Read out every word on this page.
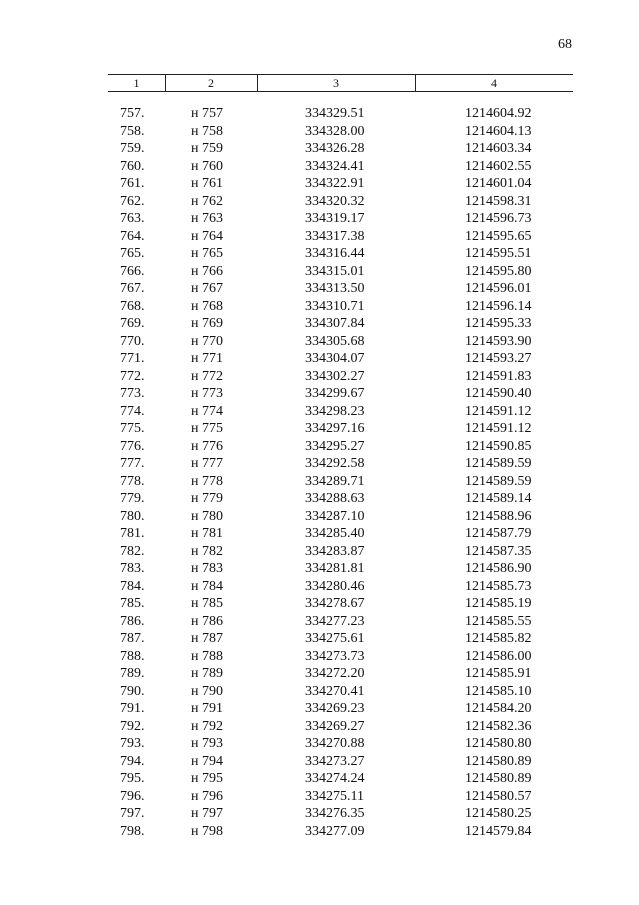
68
1	2	3	4
757.	н 757	334329.51	1214604.92
758.	н 758	334328.00	1214604.13
759.	н 759	334326.28	1214603.34
760.	н 760	334324.41	1214602.55
761.	н 761	334322.91	1214601.04
762.	н 762	334320.32	1214598.31
763.	н 763	334319.17	1214596.73
764.	н 764	334317.38	1214595.65
765.	н 765	334316.44	1214595.51
766.	н 766	334315.01	1214595.80
767.	н 767	334313.50	1214596.01
768.	н 768	334310.71	1214596.14
769.	н 769	334307.84	1214595.33
770.	н 770	334305.68	1214593.90
771.	н 771	334304.07	1214593.27
772.	н 772	334302.27	1214591.83
773.	н 773	334299.67	1214590.40
774.	н 774	334298.23	1214591.12
775.	н 775	334297.16	1214591.12
776.	н 776	334295.27	1214590.85
777.	н 777	334292.58	1214589.59
778.	н 778	334289.71	1214589.59
779.	н 779	334288.63	1214589.14
780.	н 780	334287.10	1214588.96
781.	н 781	334285.40	1214587.79
782.	н 782	334283.87	1214587.35
783.	н 783	334281.81	1214586.90
784.	н 784	334280.46	1214585.73
785.	н 785	334278.67	1214585.19
786.	н 786	334277.23	1214585.55
787.	н 787	334275.61	1214585.82
788.	н 788	334273.73	1214586.00
789.	н 789	334272.20	1214585.91
790.	н 790	334270.41	1214585.10
791.	н 791	334269.23	1214584.20
792.	н 792	334269.27	1214582.36
793.	н 793	334270.88	1214580.80
794.	н 794	334273.27	1214580.89
795.	н 795	334274.24	1214580.89
796.	н 796	334275.11	1214580.57
797.	н 797	334276.35	1214580.25
798.	н 798	334277.09	1214579.84
